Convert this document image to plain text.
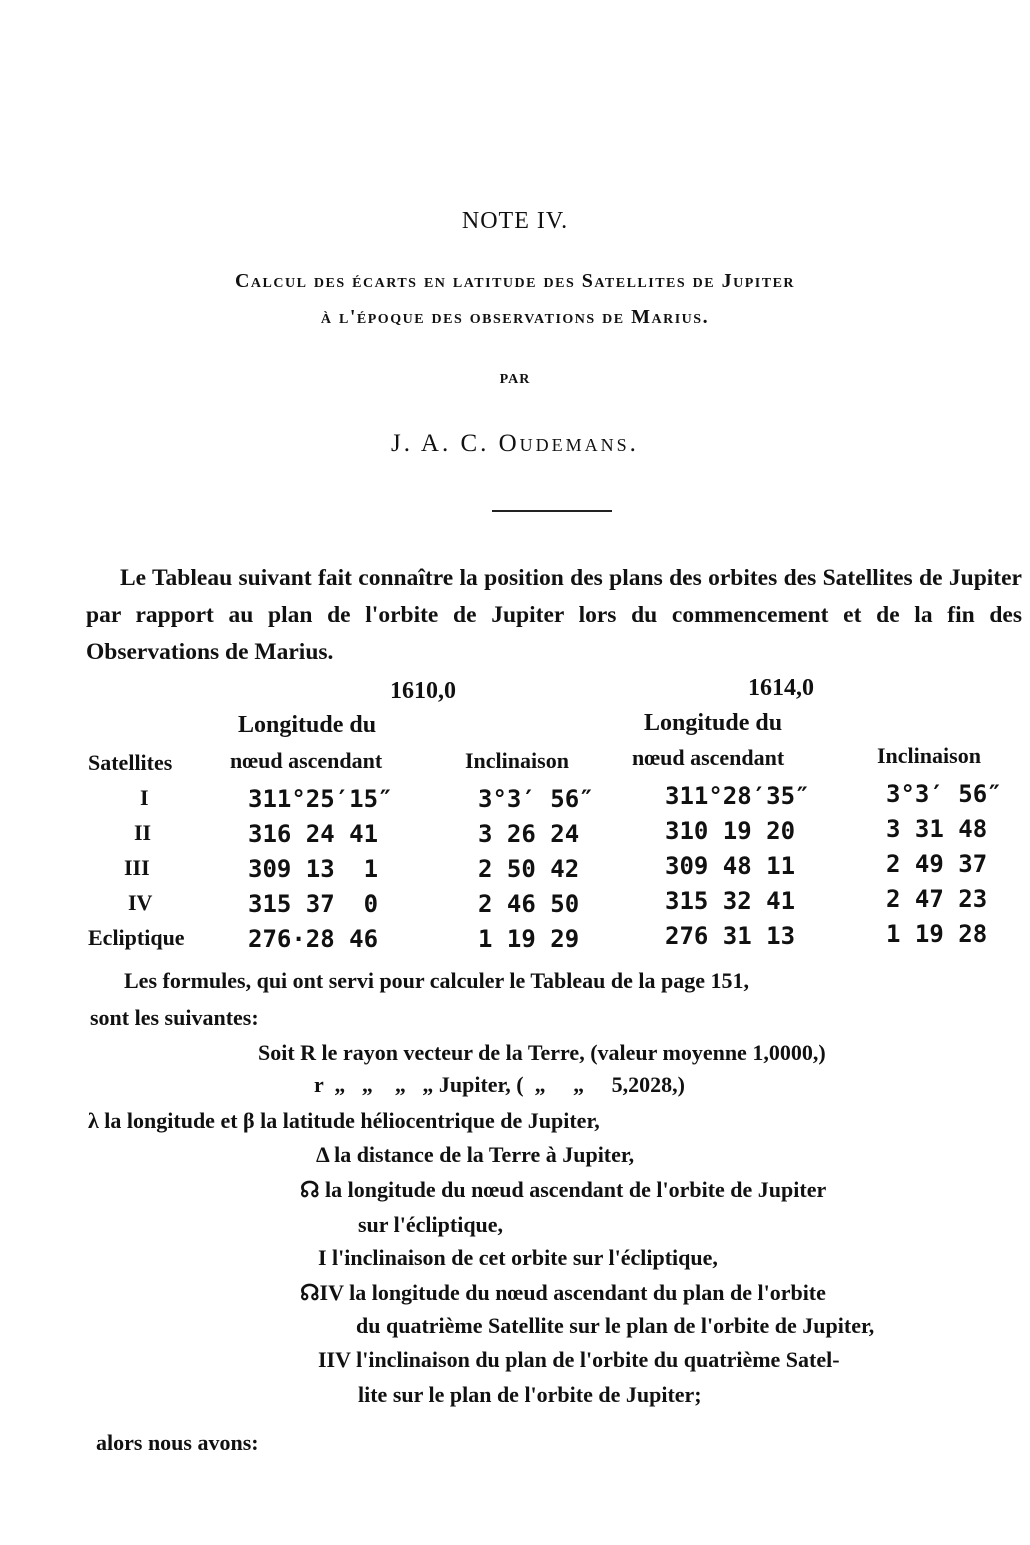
NOTE IV.
Calcul des écarts en latitude des Satellites de Jupiter
à l'époque des observations de Marius.
PAR
J. A. C. Oudemans.

Le Tableau suivant fait connaître la position des plans des orbites des Satellites de Jupiter par rapport au plan de l'orbite de Jupiter lors du commencement et de la fin des Observations de Marius.

1610,0	1614,0
Longitude du	Longitude du
Satellites	nœud ascendant	Inclinaison	nœud ascendant	Inclinaison
I	311°25′15″	3°3′ 56″	311°28′35″	3°3′ 56″
II	316 24 41	3 26 24	310 19 20	3 31 48
III	309 13  1	2 50 42	309 48 11	2 49 37
IV	315 37  0	2 46 50	315 32 41	2 47 23
Ecliptique	276·28 46	1 19 29	276 31 13	1 19 28
Les formules, qui ont servi pour calculer le Tableau de la page 151,
sont les suivantes:
Soit R le rayon vecteur de la Terre, (valeur moyenne 1,0000,)
r  „   „    „   „ Jupiter, (  „     „     5,2028,)
λ la longitude et β la latitude héliocentrique de Jupiter,
Δ la distance de la Terre à Jupiter,
☊ la longitude du nœud ascendant de l'orbite de Jupiter
sur l'écliptique,
I l'inclinaison de cet orbite sur l'écliptique,
☊IV la longitude du nœud ascendant du plan de l'orbite
du quatrième Satellite sur le plan de l'orbite de Jupiter,
IIV l'inclinaison du plan de l'orbite du quatrième Satel-
lite sur le plan de l'orbite de Jupiter;
alors nous avons:
